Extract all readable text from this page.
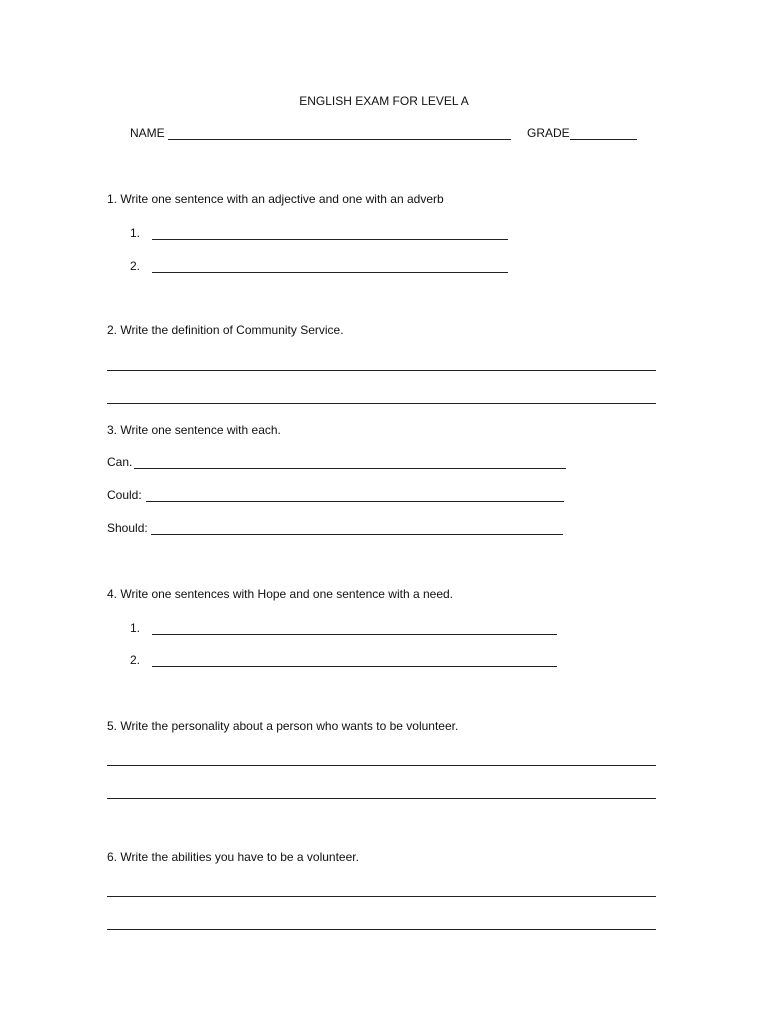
ENGLISH EXAM FOR LEVEL A
NAME	GRADE
1. Write one sentence with an adjective and one with an adverb
1.
2.
2. Write the definition of Community Service.
3. Write one sentence with each.
Can.
Could:
Should:
4. Write one sentences with Hope and one sentence with a need.
1.
2.
5. Write the personality about a person who wants to be volunteer.
6. Write the abilities you have to be a volunteer.
